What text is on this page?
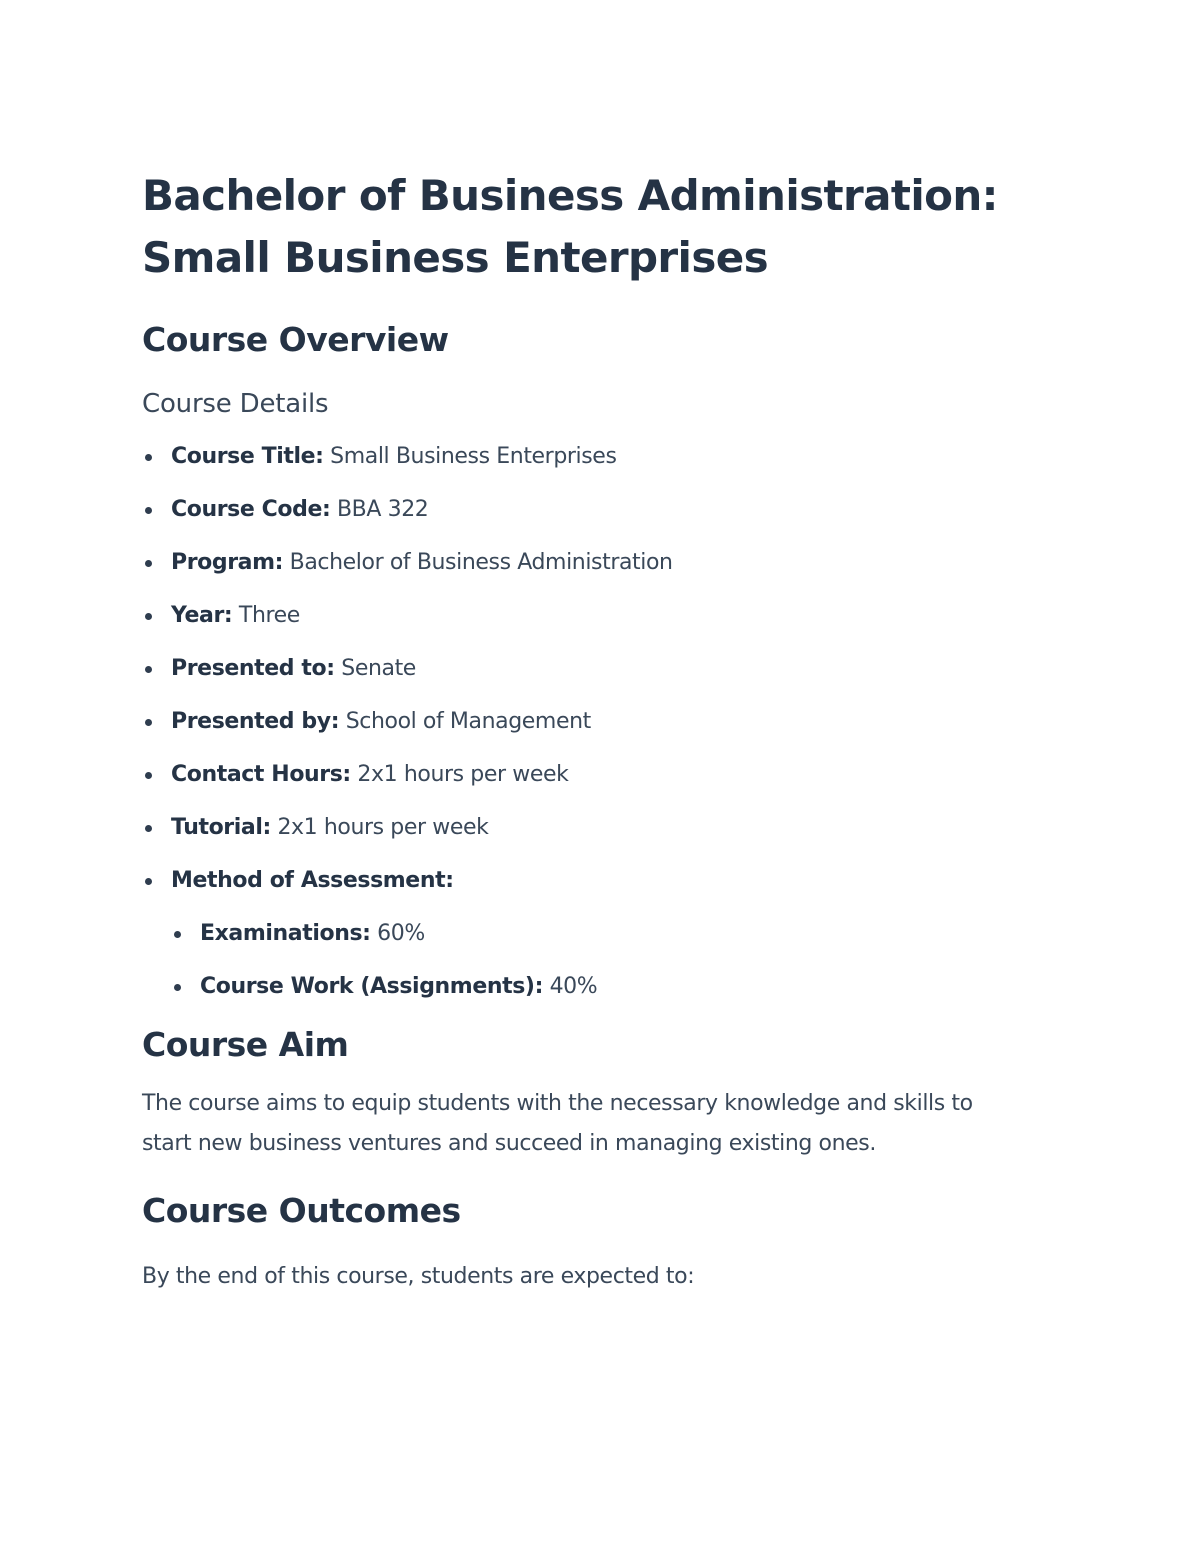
Bachelor of Business Administration:
Small Business Enterprises
Course Overview
Course Details
Course Title: Small Business Enterprises
Course Code: BBA 322
Program: Bachelor of Business Administration
Year: Three
Presented to: Senate
Presented by: School of Management
Contact Hours: 2x1 hours per week
Tutorial: 2x1 hours per week
Method of Assessment:
Examinations: 60%
Course Work (Assignments): 40%
Course Aim

The course aims to equip students with the necessary knowledge and skills to start new business ventures and succeed in managing existing ones.

Course Outcomes

By the end of this course, students are expected to:
